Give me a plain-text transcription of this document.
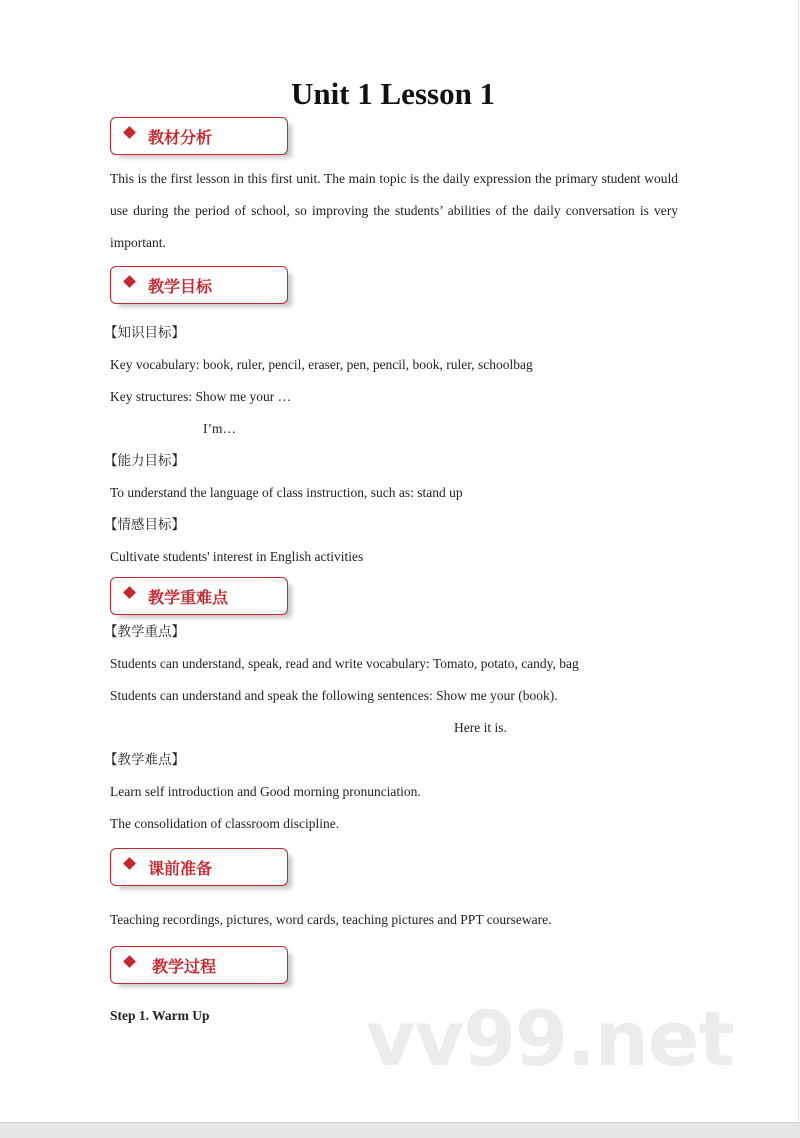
Unit 1 Lesson 1
教材分析
This is the first lesson in this first unit. The main topic is the daily expression the primary student would use during the period of school, so improving the students’ abilities of the daily conversation is very important.
教学目标
【知识目标】
Key vocabulary: book, ruler, pencil, eraser, pen, pencil, book, ruler, schoolbag
Key structures: Show me your …
I’m…
【能力目标】
To understand the language of class instruction, such as: stand up
【情感目标】
Cultivate students' interest in English activities
教学重难点
【教学重点】
Students can understand, speak, read and write vocabulary: Tomato, potato, candy, bag
Students can understand and speak the following sentences: Show me your (book).
Here it is.
【教学难点】
Learn self introduction and Good morning pronunciation.
The consolidation of classroom discipline.
课前准备
Teaching recordings, pictures, word cards, teaching pictures and PPT courseware.
教学过程
Step 1. Warm Up vv99.net
